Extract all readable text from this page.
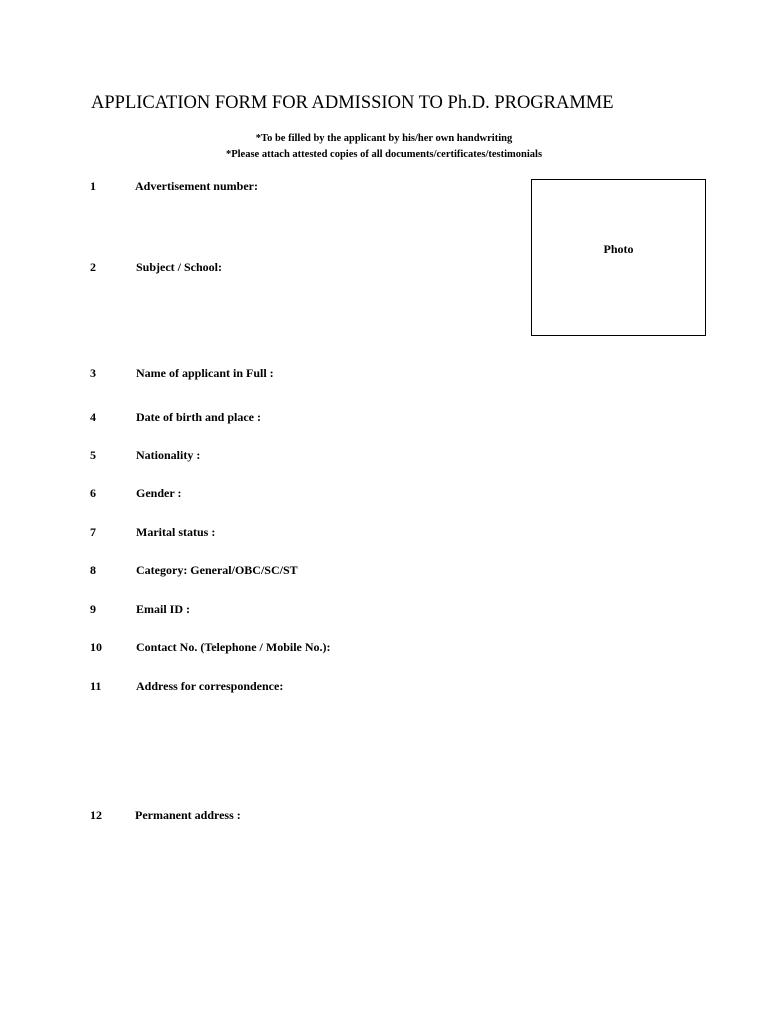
APPLICATION FORM FOR ADMISSION TO Ph.D. PROGRAMME
*To be filled by the applicant by his/her own handwriting
*Please attach attested copies of all documents/certificates/testimonials
Photo
1	Advertisement number:
2	Subject / School:
3	Name of applicant in Full :
4	Date of birth and place :
5	Nationality :
6	Gender :
7	Marital status :
8	Category: General/OBC/SC/ST
9	Email ID :
10	Contact No. (Telephone / Mobile No.):
11	Address for correspondence:
12	Permanent address :
